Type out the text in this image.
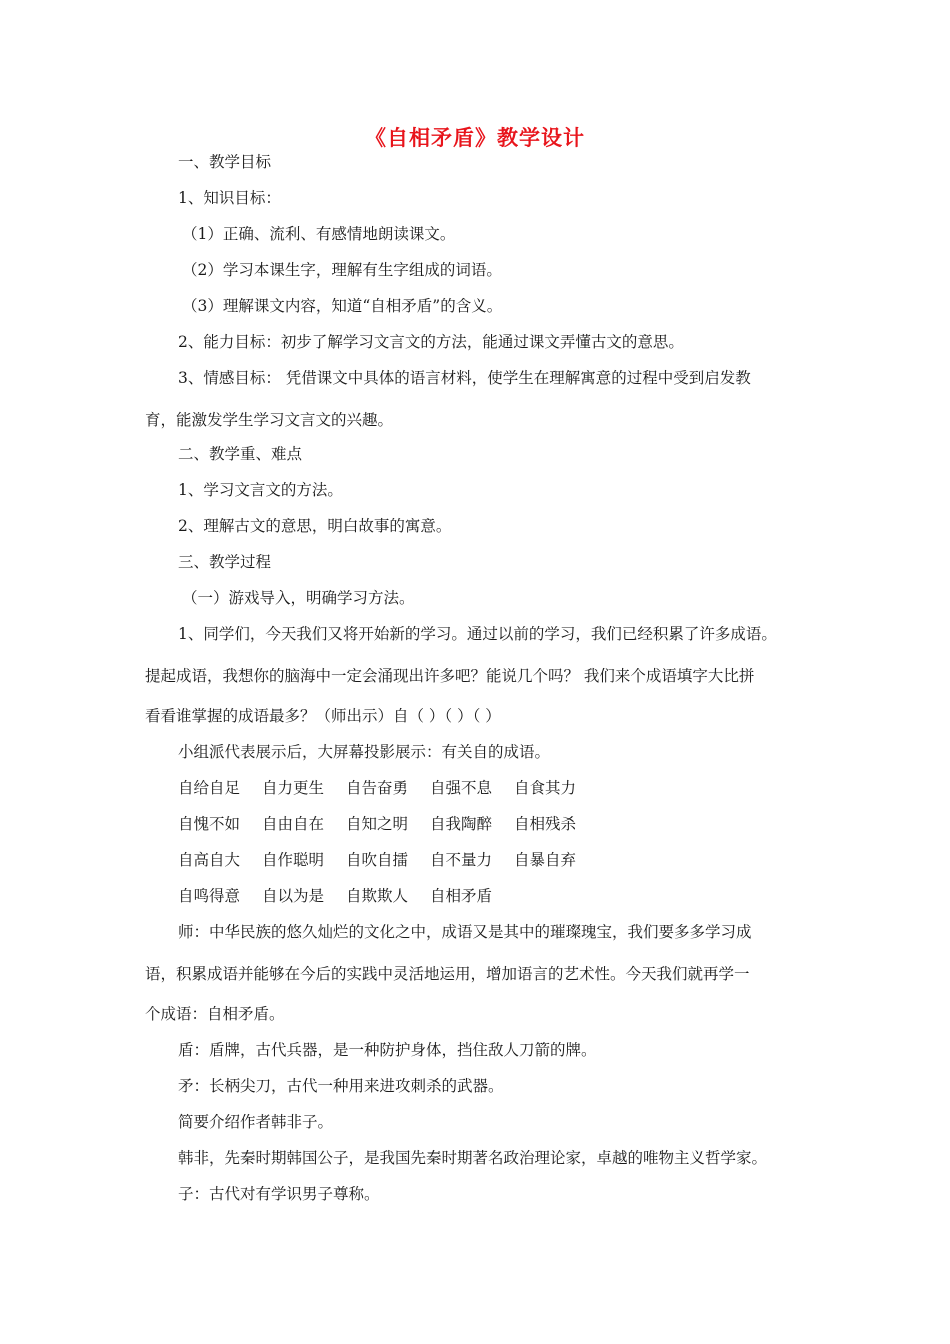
《自相矛盾》教学设计
一、教学目标
1、知识目标：
（1）正确、流利、有感情地朗读课文。
（2）学习本课生字，理解有生字组成的词语。
（3）理解课文内容，知道“自相矛盾”的含义。
2、能力目标：初步了解学习文言文的方法，能通过课文弄懂古文的意思。
3、情感目标： 凭借课文中具体的语言材料，使学生在理解寓意的过程中受到启发教
育，能激发学生学习文言文的兴趣。
二、教学重、难点
1、学习文言文的方法。
2、理解古文的意思，明白故事的寓意。
三、教学过程
（一）游戏导入，明确学习方法。
1、同学们，今天我们又将开始新的学习。通过以前的学习，我们已经积累了许多成语。
提起成语，我想你的脑海中一定会涌现出许多吧？能说几个吗？ 我们来个成语填字大比拼
看看谁掌握的成语最多？（师出示）自（ ）（ ）（ ）
小组派代表展示后，大屏幕投影展示：有关自的成语。
自给自足 自力更生 自告奋勇 自强不息 自食其力
自愧不如 自由自在 自知之明 自我陶醉 自相残杀
自高自大 自作聪明 自吹自擂 自不量力 自暴自弃
自鸣得意 自以为是 自欺欺人 自相矛盾
师：中华民族的悠久灿烂的文化之中，成语又是其中的璀璨瑰宝，我们要多多学习成
语，积累成语并能够在今后的实践中灵活地运用，增加语言的艺术性。今天我们就再学一
个成语：自相矛盾。
盾：盾牌，古代兵器，是一种防护身体，挡住敌人刀箭的牌。
矛：长柄尖刀，古代一种用来进攻刺杀的武器。
简要介绍作者韩非子。
韩非，先秦时期韩国公子，是我国先秦时期著名政治理论家，卓越的唯物主义哲学家。
子：古代对有学识男子尊称。
